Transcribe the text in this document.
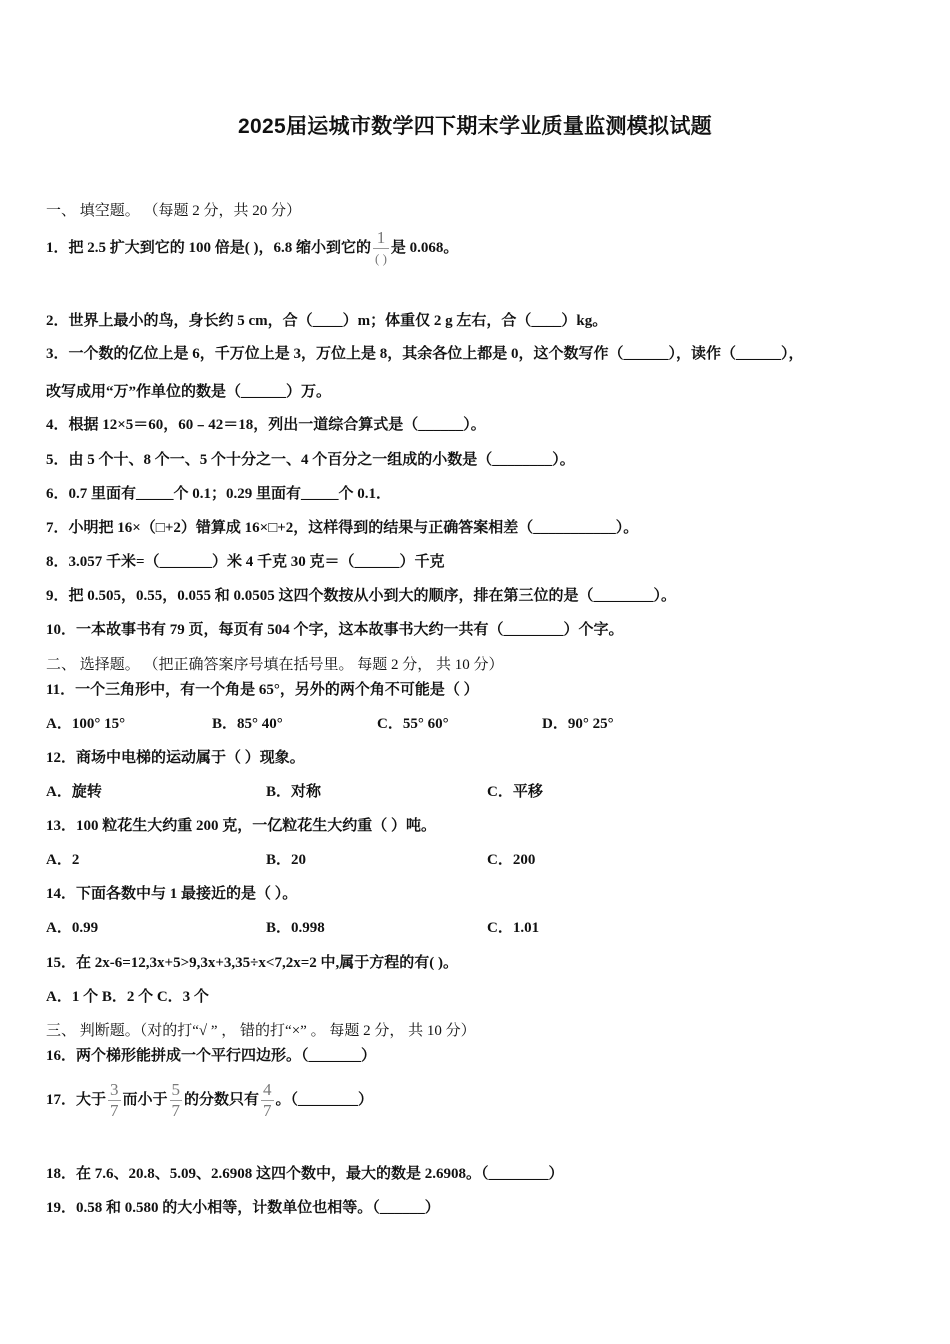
2025届运城市数学四下期末学业质量监测模拟试题
一、 填空题。 （每题 2 分，共 20 分）
1．把 2.5 扩大到它的 100 倍是( )，6.8 缩小到它的 $\frac{1}{( )}$ 是 0.068。
2．世界上最小的鸟，身长约 5 cm，合（____）m；体重仅 2 g 左右，合（____）kg。
3．一个数的亿位上是 6，千万位上是 3，万位上是 8，其余各位上都是 0，这个数写作（______），读作（______），
改写成用“万”作单位的数是（______）万。
4．根据 12×5＝60，60﹣42＝18，列出一道综合算式是（______）。
5．由 5 个十、8 个一、5 个十分之一、4 个百分之一组成的小数是（________）。
6．0.7 里面有_____个 0.1；0.29 里面有_____个 0.1．
7．小明把 16×（□+2）错算成 16×□+2，这样得到的结果与正确答案相差（___________）。
8．3.057 千米=（_______）米 4 千克 30 克＝（______）千克
9．把 0.505，0.55，0.055 和 0.0505 这四个数按从小到大的顺序，排在第三位的是（________）。
10．一本故事书有 79 页，每页有 504 个字，这本故事书大约一共有（________）个字。
二、 选择题。 （把正确答案序号填在括号里。 每题 2 分， 共 10 分）
11．一个三角形中，有一个角是 65°，另外的两个角不可能是（ ）
A．100° 15°	B．85° 40°	C．55° 60°	D．90° 25°
12．商场中电梯的运动属于（ ）现象。
A．旋转	B．对称	C．平移
13．100 粒花生大约重 200 克，一亿粒花生大约重（ ）吨。
A．2	B．20	C．200
14．下面各数中与 1 最接近的是（ ）。
A．0.99	B．0.998	C．1.01
15．在 2x-6=12,3x+5>9,3x+3,35÷x<7,2x=2 中,属于方程的有( )。
A．1 个 B．2 个 C．3 个
三、 判断题。（对的打“√ ” ， 错的打“×” 。 每题 2 分， 共 10 分）
16．两个梯形能拼成一个平行四边形。（_______）
17．大于 $\frac{3}{7}$ 而小于 $\frac{5}{7}$ 的分数只有 $\frac{4}{7}$ 。（________）
18．在 7.6、20.8、5.09、2.6908 这四个数中，最大的数是 2.6908。（________）
19．0.58 和 0.580 的大小相等，计数单位也相等。（______）
